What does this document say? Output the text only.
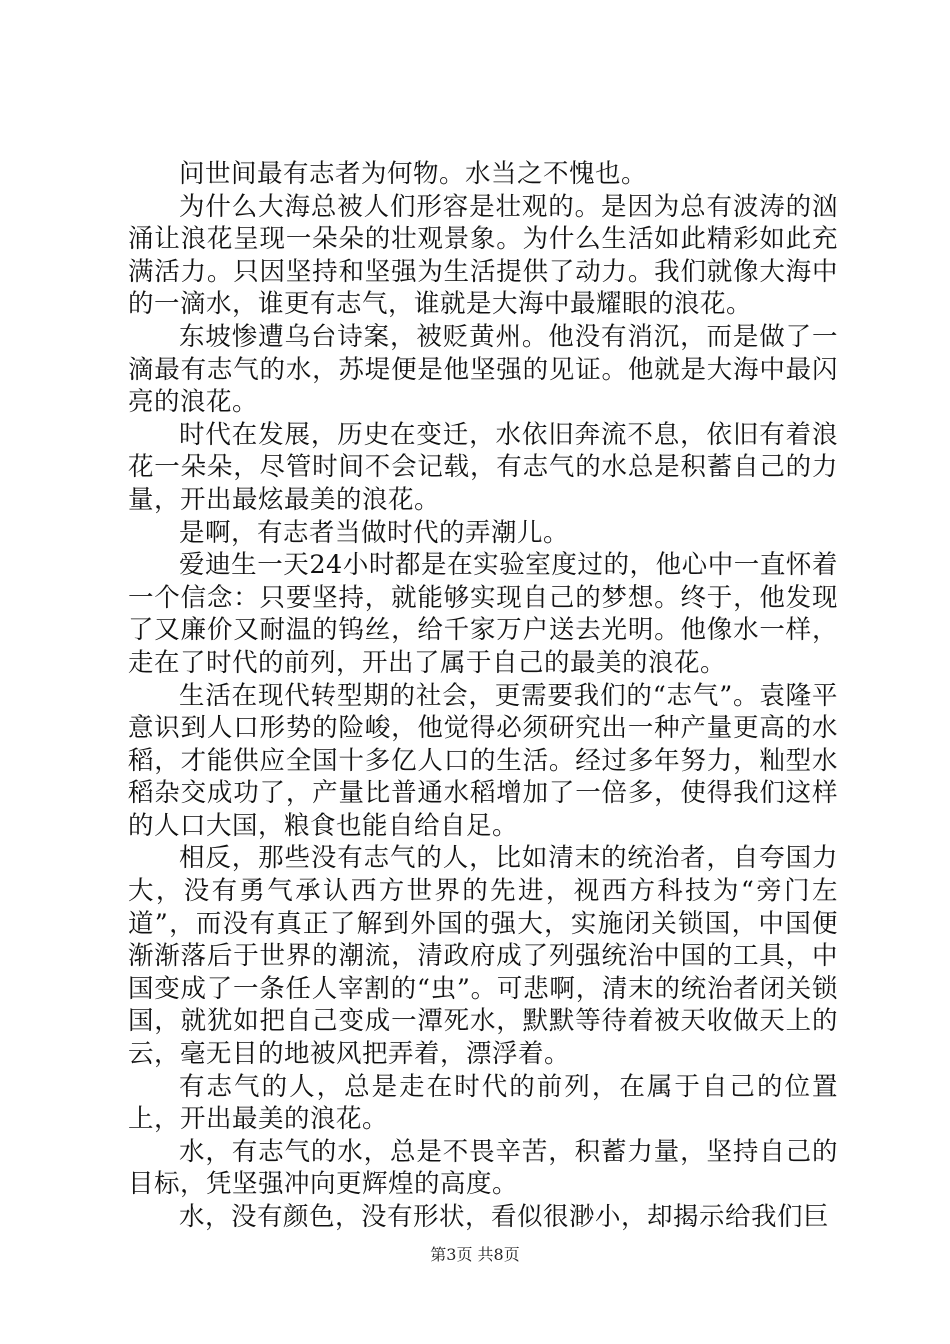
问世间最有志者为何物。水当之不愧也。

为什么大海总被人们形容是壮观的。是因为总有波涛的汹涌让浪花呈现一朵朵的壮观景象。为什么生活如此精彩如此充满活力。只因坚持和坚强为生活提供了动力。我们就像大海中的一滴水，谁更有志气，谁就是大海中最耀眼的浪花。

东坡惨遭乌台诗案，被贬黄州。他没有消沉，而是做了一滴最有志气的水，苏堤便是他坚强的见证。他就是大海中最闪亮的浪花。

时代在发展，历史在变迁，水依旧奔流不息，依旧有着浪花一朵朵，尽管时间不会记载，有志气的水总是积蓄自己的力量，开出最炫最美的浪花。

是啊，有志者当做时代的弄潮儿。

爱迪生一天24小时都是在实验室度过的，他心中一直怀着一个信念：只要坚持，就能够实现自己的梦想。终于，他发现了又廉价又耐温的钨丝，给千家万户送去光明。他像水一样，走在了时代的前列，开出了属于自己的最美的浪花。

生活在现代转型期的社会，更需要我们的“志气”。袁隆平意识到人口形势的险峻，他觉得必须研究出一种产量更高的水稻，才能供应全国十多亿人口的生活。经过多年努力，籼型水稻杂交成功了，产量比普通水稻增加了一倍多，使得我们这样的人口大国，粮食也能自给自足。

相反，那些没有志气的人，比如清末的统治者，自夸国力大，没有勇气承认西方世界的先进，视西方科技为“旁门左道”，而没有真正了解到外国的强大，实施闭关锁国，中国便渐渐落后于世界的潮流，清政府成了列强统治中国的工具，中国变成了一条任人宰割的“虫”。可悲啊，清末的统治者闭关锁国，就犹如把自己变成一潭死水，默默等待着被天收做天上的云，毫无目的地被风把弄着，漂浮着。

有志气的人，总是走在时代的前列，在属于自己的位置上，开出最美的浪花。

水，有志气的水，总是不畏辛苦，积蓄力量，坚持自己的目标，凭坚强冲向更辉煌的高度。

水，没有颜色，没有形状，看似很渺小，却揭示给我们巨

第3页 共8页
